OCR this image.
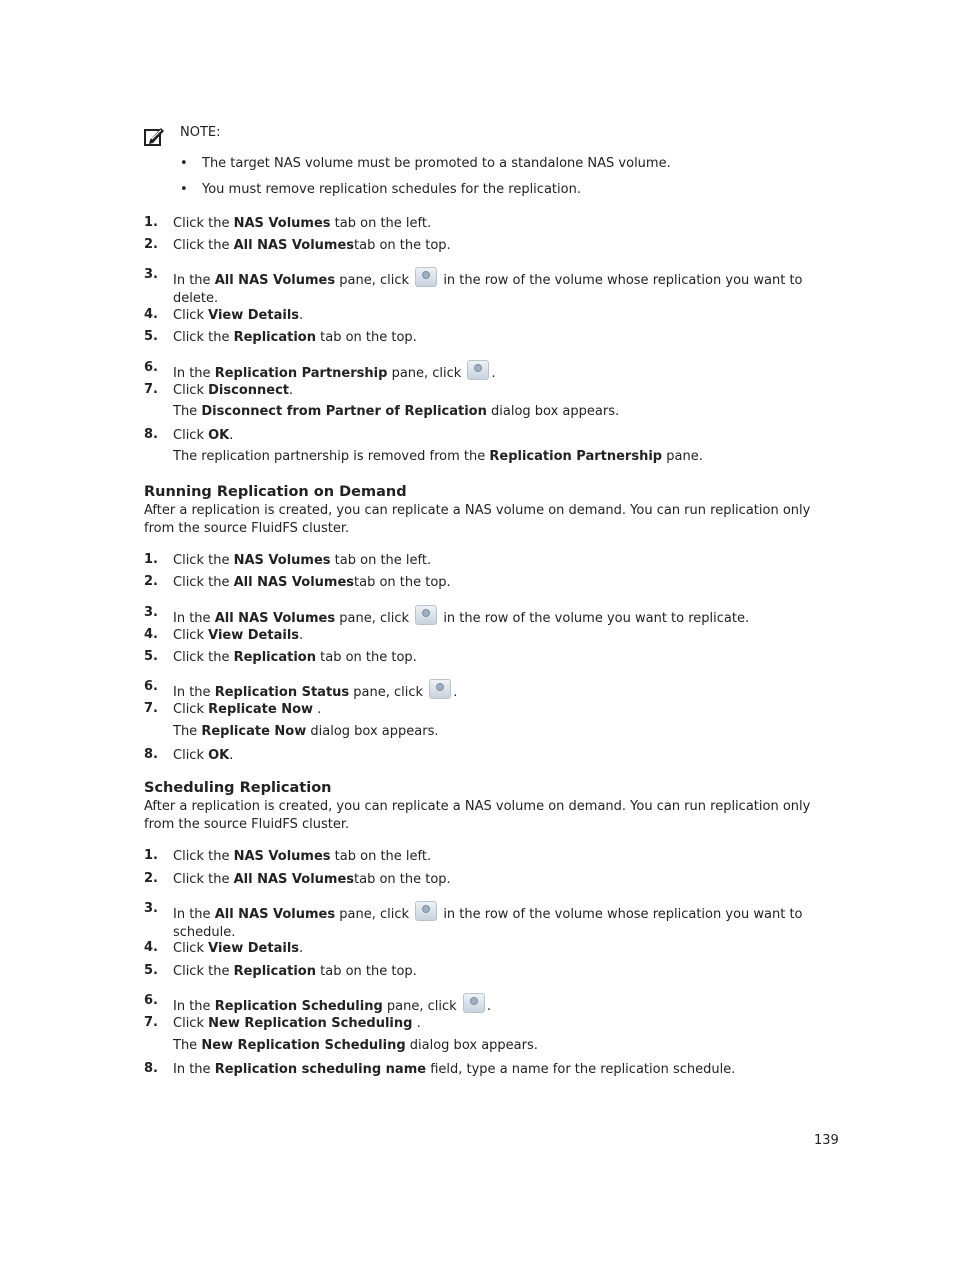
NOTE:
• The target NAS volume must be promoted to a standalone NAS volume.
• You must remove replication schedules for the replication.
1. Click the NAS Volumes tab on the left.
2. Click the All NAS Volumestab on the top.
3. In the All NAS Volumes pane, click	in the row of the volume whose replication you want to
delete.
4. Click View Details.
5. Click the Replication tab on the top.
6. In the Replication Partnership pane, click .
7. Click Disconnect.
The Disconnect from Partner of Replication dialog box appears.
8. Click OK.
The replication partnership is removed from the Replication Partnership pane.
Running Replication on Demand
After a replication is created, you can replicate a NAS volume on demand. You can run replication only from the source FluidFS cluster.
1. Click the NAS Volumes tab on the left.
2. Click the All NAS Volumestab on the top.
3. In the All NAS Volumes pane, click	in the row of the volume you want to replicate.
4. Click View Details.
5. Click the Replication tab on the top.
6. In the Replication Status pane, click .
7. Click Replicate Now .
The Replicate Now dialog box appears.
8. Click OK.
Scheduling Replication
After a replication is created, you can replicate a NAS volume on demand. You can run replication only from the source FluidFS cluster.
1. Click the NAS Volumes tab on the left.
2. Click the All NAS Volumestab on the top.
3. In the All NAS Volumes pane, click	in the row of the volume whose replication you want to
schedule.
4. Click View Details.
5. Click the Replication tab on the top.
6. In the Replication Scheduling pane, click .
7. Click New Replication Scheduling .
The New Replication Scheduling dialog box appears.
8. In the Replication scheduling name field, type a name for the replication schedule.
139
